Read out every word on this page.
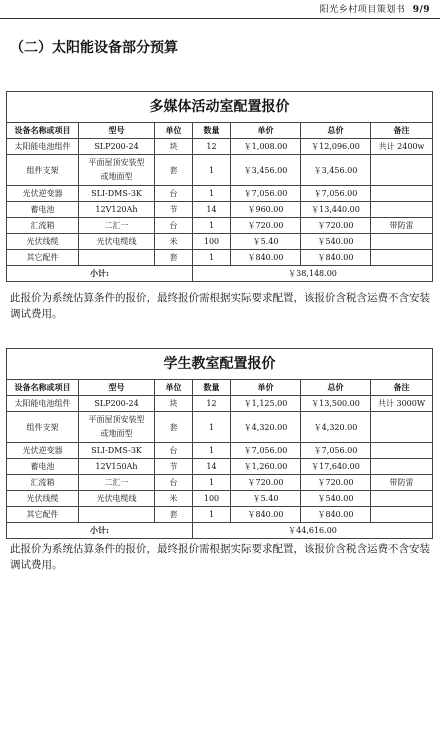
阳光乡村项目策划书 9/9
（二）太阳能设备部分预算
多媒体活动室配置报价						
设备名称或项目	型号	单位	数量	单价	总价	备注
太阳能电池组件	SLP200-24	块	12	￥1,008.00	￥12,096.00	共计 2400w
组件支架	平面屋顶安装型
或地面型	套	1	￥3,456.00	￥3,456.00	
光伏逆变器	SLI-DMS-3K	台	1	￥7,056.00	￥7,056.00	
蓄电池	12V120Ah	节	14	￥960.00	￥13,440.00	
汇流箱	二汇一	台	1	￥720.00	￥720.00	带防雷
光伏线缆	光伏电缆线	米	100	￥5.40	￥540.00	
其它配件		套	1	￥840.00	￥840.00	
小计:			￥38,148.00			
此报价为系统估算条件的报价，最终报价需根据实际要求配置，该报价含税含运费不含安装调试费用。
学生教室配置报价						
设备名称或项目	型号	单位	数量	单价	总价	备注
太阳能电池组件	SLP200-24	块	12	￥1,125.00	￥13,500.00	共计 3000W
组件支架	平面屋顶安装型
或地面型	套	1	￥4,320.00	￥4,320.00	
光伏逆变器	SLI-DMS-3K	台	1	￥7,056.00	￥7,056.00	
蓄电池	12V150Ah	节	14	￥1,260.00	￥17,640.00	
汇流箱	二汇一	台	1	￥720.00	￥720.00	带防雷
光伏线缆	光伏电缆线	米	100	￥5.40	￥540.00	
其它配件		套	1	￥840.00	￥840.00	
小计:			￥44,616.00			
此报价为系统估算条件的报价，最终报价需根据实际要求配置，该报价含税含运费不含安装调试费用。
